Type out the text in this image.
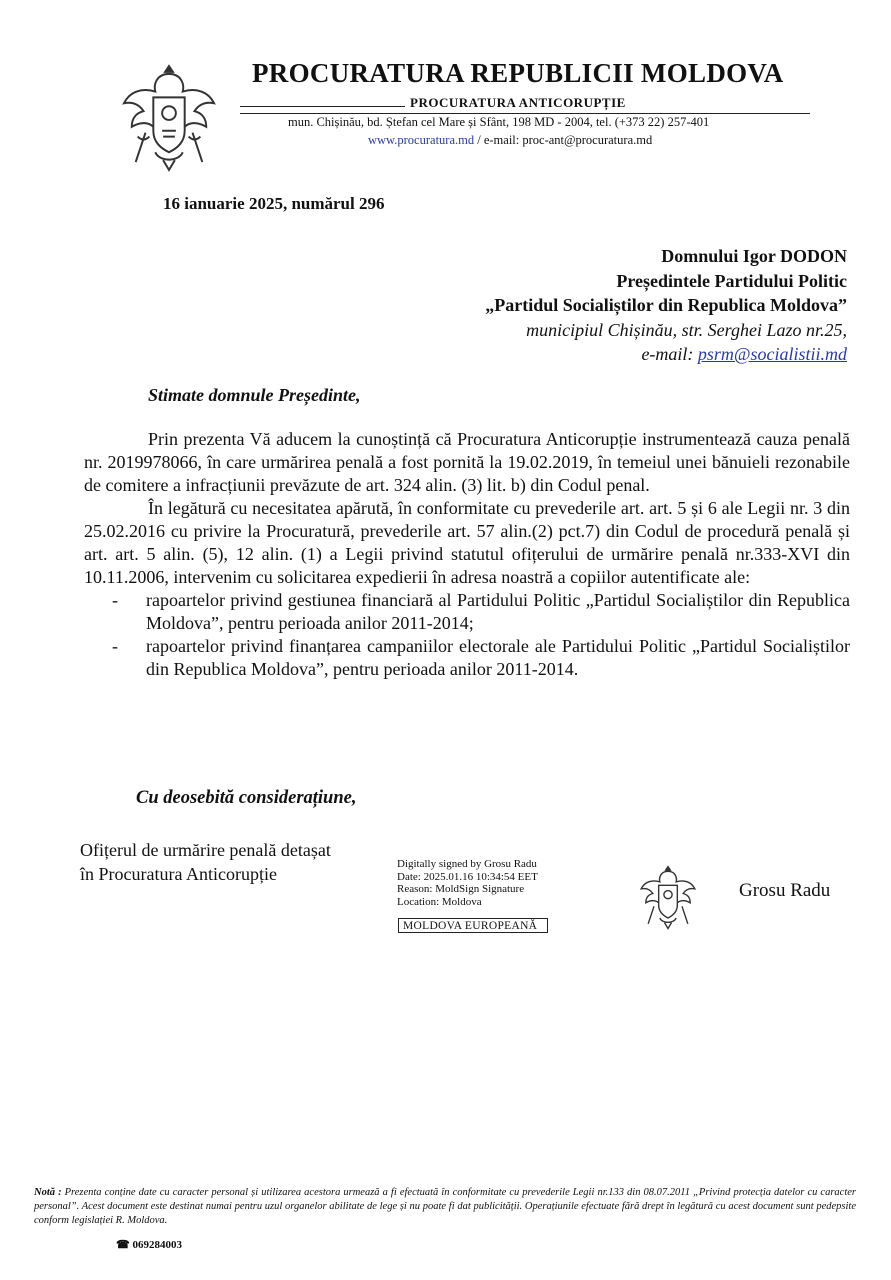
PROCURATURA REPUBLICII MOLDOVA
PROCURATURA ANTICORUPȚIE
mun. Chișinău, bd. Ștefan cel Mare și Sfânt, 198 MD - 2004, tel. (+373 22) 257-401
www.procuratura.md / e-mail: proc-ant@procuratura.md
16 ianuarie 2025, numărul 296
Domnului Igor DODON
Președintele Partidului Politic
„Partidul Socialiștilor din Republica Moldova”
municipiul Chișinău, str. Serghei Lazo nr.25,
e-mail: psrm@socialistii.md
Stimate domnule Președinte,

Prin prezenta Vă aducem la cunoștință că Procuratura Anticorupție instrumentează cauza penală nr. 2019978066, în care urmărirea penală a fost pornită la 19.02.2019, în temeiul unei bănuieli rezonabile de comitere a infracțiunii prevăzute de art. 324 alin. (3) lit. b) din Codul penal.

În legătură cu necesitatea apărută, în conformitate cu prevederile art. art. 5 și 6 ale Legii nr. 3 din 25.02.2016 cu privire la Procuratură, prevederile art. 57 alin.(2) pct.7) din Codul de procedură penală și art. art. 5 alin. (5), 12 alin. (1) a Legii privind statutul ofițerului de urmărire penală nr.333-XVI din 10.11.2006, intervenim cu solicitarea expedierii în adresa noastră a copiilor autentificate ale:

-	rapoartelor privind gestiunea financiară al Partidului Politic „Partidul Socialiștilor din Republica Moldova”, pentru perioada anilor 2011-2014;
-	rapoartelor privind finanțarea campaniilor electorale ale Partidului Politic „Partidul Socialiștilor din Republica Moldova”, pentru perioada anilor 2011-2014.
Cu deosebită considerațiune,
Ofițerul de urmărire penală detașat
în Procuratura Anticorupție	Digitally signed by Grosu Radu
Date: 2025.01.16 10:34:54 EET
Reason: MoldSign Signature
Location: Moldova
MOLDOVA EUROPEANĂ
Grosu Radu
Notă : Prezenta conține date cu caracter personal și utilizarea acestora urmează a fi efectuată în conformitate cu prevederile Legii nr.133 din 08.07.2011 „Privind protecția datelor cu caracter personal”. Acest document este destinat numai pentru uzul organelor abilitate de lege și nu poate fi dat publicității. Operațiunile efectuate fără drept în legătură cu acest document sunt pedepsite conform legislației R. Moldova.
☎ 069284003
